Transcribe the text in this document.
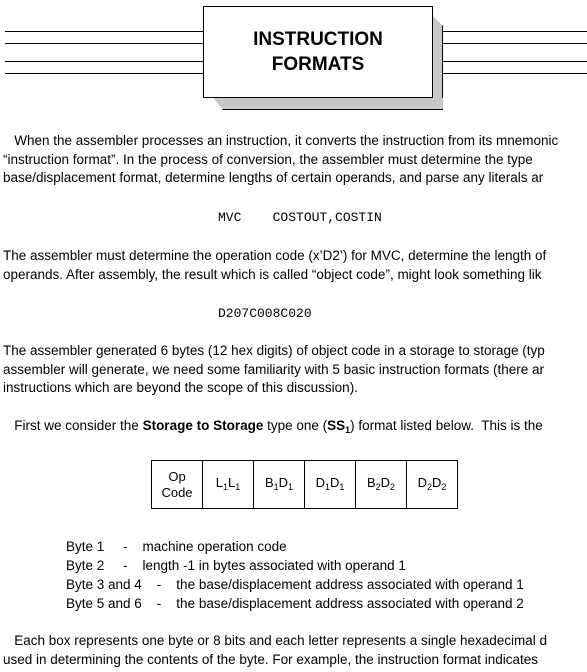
INSTRUCTION
FORMATS
When the assembler processes an instruction, it converts the instruction from its mnemonic
“instruction format”. In the process of conversion, the assembler must determine the type
base/displacement format, determine lengths of certain operands, and parse any literals ar
MVC    COSTOUT,COSTIN
The assembler must determine the operation code (x’D2’) for MVC, determine the length of
operands. After assembly, the result which is called “object code”, might look something lik
D207C008C020
The assembler generated 6 bytes (12 hex digits) of object code in a storage to storage (typ
assembler will generate, we need some familiarity with 5 basic instruction formats (there ar
instructions which are beyond the scope of this discussion).
First we consider the Storage to Storage type one $(SS_1)$ format listed below.  This is the
Op
Code
	$L_1L_1$	$B_1D_1$	$D_1D_1$	$B_2D_2$	$D_2D_2$
Byte 1     -    machine operation code
Byte 2     -    length -1 in bytes associated with operand 1
Byte 3 and 4    -    the base/displacement address associated with operand 1
Byte 5 and 6    -    the base/displacement address associated with operand 2
Each box represents one byte or 8 bits and each letter represents a single hexadecimal d
used in determining the contents of the byte. For example, the instruction format indicates
